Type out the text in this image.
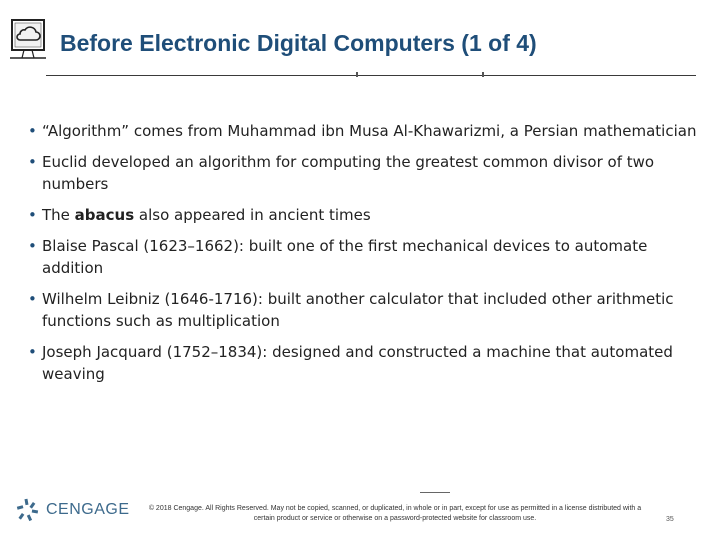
Before Electronic Digital Computers (1 of 4)
• “Algorithm” comes from Muhammad ibn Musa Al-Khawarizmi, a Persian mathematician
• Euclid developed an algorithm for computing the greatest common divisor of two numbers
• The abacus also appeared in ancient times
• Blaise Pascal (1623–1662): built one of the first mechanical devices to automate addition
• Wilhelm Leibniz (1646-1716): built another calculator that included other arithmetic functions such as multiplication
• Joseph Jacquard (1752–1834): designed and constructed a machine that automated weaving
CENGAGE	© 2018 Cengage. All Rights Reserved. May not be copied, scanned, or duplicated, in whole or in part, except for use as permitted in a license distributed with a certain product or service or otherwise on a password-protected website for classroom use.	35
